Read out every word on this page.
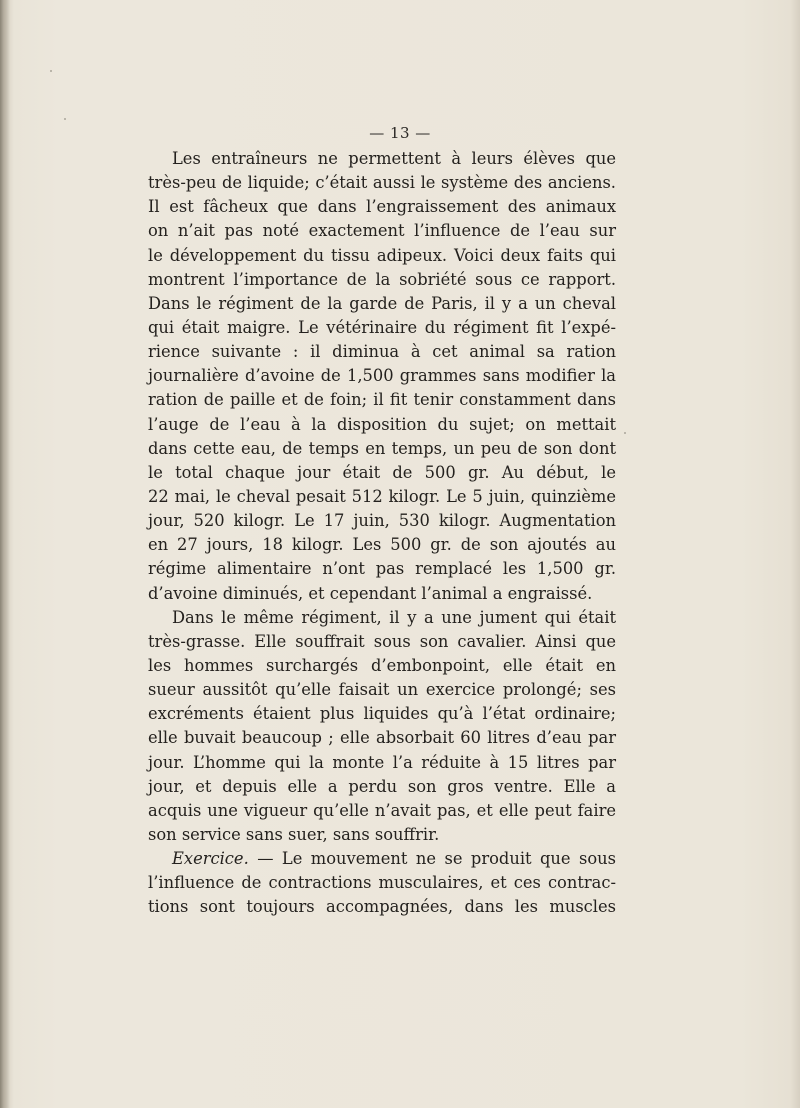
— 13 —
Les entraîneurs ne permettent à leurs élèves que
très-peu de liquide; c’était aussi le système des anciens.
Il est fâcheux que dans l’engraissement des animaux
on n’ait pas noté exactement l’influence de l’eau sur
le développement du tissu adipeux. Voici deux faits qui
montrent l’importance de la sobriété sous ce rapport.
Dans le régiment de la garde de Paris, il y a un cheval
qui était maigre. Le vétérinaire du régiment fit l’expé-
rience suivante : il diminua à cet animal sa ration
journalière d’avoine de 1,500 grammes sans modifier la
ration de paille et de foin; il fit tenir constamment dans
l’auge de l’eau à la disposition du sujet; on mettait
dans cette eau, de temps en temps, un peu de son dont
le total chaque jour était de 500 gr. Au début, le
22 mai, le cheval pesait 512 kilogr. Le 5 juin, quinzième
jour, 520 kilogr. Le 17 juin, 530 kilogr. Augmentation
en 27 jours, 18 kilogr. Les 500 gr. de son ajoutés au
régime alimentaire n’ont pas remplacé les 1,500 gr.
d’avoine diminués, et cependant l’animal a engraissé.
Dans le même régiment, il y a une jument qui était
très-grasse. Elle souffrait sous son cavalier. Ainsi que
les hommes surchargés d’embonpoint, elle était en
sueur aussitôt qu’elle faisait un exercice prolongé; ses
excréments étaient plus liquides qu’à l’état ordinaire;
elle buvait beaucoup ; elle absorbait 60 litres d’eau par
jour. L’homme qui la monte l’a réduite à 15 litres par
jour, et depuis elle a perdu son gros ventre. Elle a
acquis une vigueur qu’elle n’avait pas, et elle peut faire
son service sans suer, sans souffrir.
Exercice. — Le mouvement ne se produit que sous
l’influence de contractions musculaires, et ces contrac-
tions sont toujours accompagnées, dans les muscles
